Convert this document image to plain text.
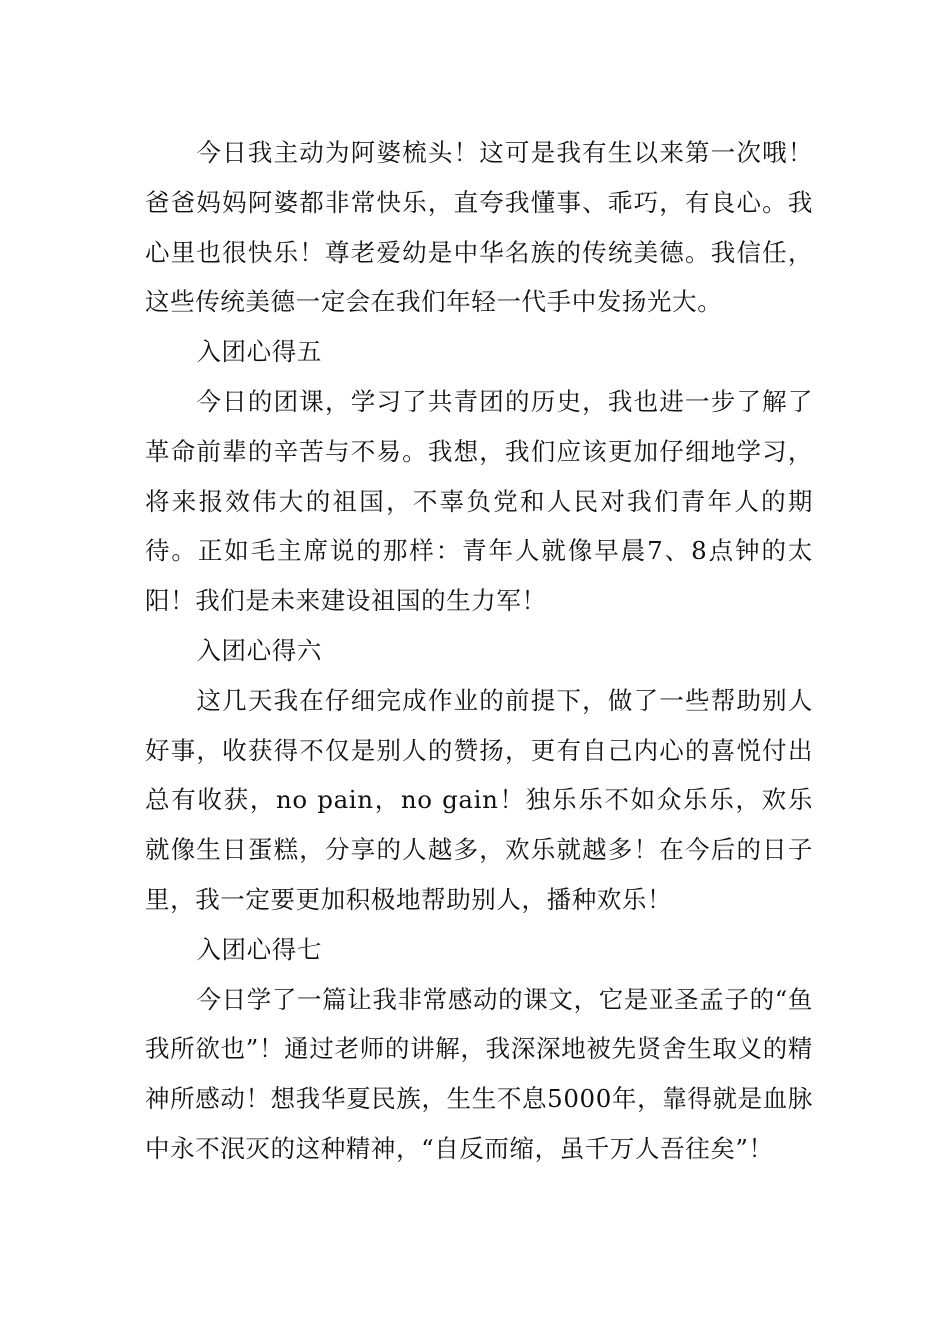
今日我主动为阿婆梳头！这可是我有生以来第一次哦！爸爸妈妈阿婆都非常快乐，直夸我懂事、乖巧，有良心。我心里也很快乐！尊老爱幼是中华名族的传统美德。我信任，这些传统美德一定会在我们年轻一代手中发扬光大。

入团心得五

今日的团课，学习了共青团的历史，我也进一步了解了革命前辈的辛苦与不易。我想，我们应该更加仔细地学习，将来报效伟大的祖国，不辜负党和人民对我们青年人的期待。正如毛主席说的那样：青年人就像早晨7、8点钟的太阳！我们是未来建设祖国的生力军！

入团心得六

这几天我在仔细完成作业的前提下，做了一些帮助别人好事，收获得不仅是别人的赞扬，更有自己内心的喜悦付出总有收获，no pain，no gain！独乐乐不如众乐乐，欢乐就像生日蛋糕，分享的人越多，欢乐就越多！在今后的日子里，我一定要更加积极地帮助别人，播种欢乐！

入团心得七

今日学了一篇让我非常感动的课文，它是亚圣孟子的“鱼我所欲也”！通过老师的讲解，我深深地被先贤舍生取义的精神所感动！想我华夏民族，生生不息5000年，靠得就是血脉中永不泯灭的这种精神，“自反而缩，虽千万人吾往矣”！
